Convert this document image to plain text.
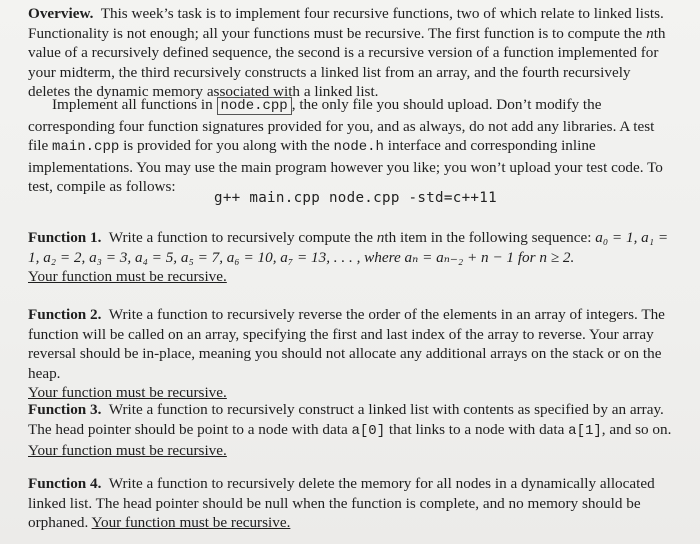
Overview. This week’s task is to implement four recursive functions, two of which relate to linked lists. Functionality is not enough; all your functions must be recursive. The first function is to compute the nth value of a recursively defined sequence, the second is a recursive version of a function implemented for your midterm, the third recursively constructs a linked list from an array, and the fourth recursively deletes the dynamic memory associated with a linked list.
Implement all functions in node.cpp , the only file you should upload. Don’t modify the corresponding four function signatures provided for you, and as always, do not add any libraries. A test file main.cpp is provided for you along with the node.h interface and corresponding inline implementations. You may use the main program however you like; you won’t upload your test code. To test, compile as follows:
g++ main.cpp node.cpp -std=c++11
Function 1. Write a function to recursively compute the nth item in the following sequence: a₀ = 1, a₁ = 1, a₂ = 2, a₃ = 3, a₄ = 5, a₅ = 7, a₆ = 10, a₇ = 13, . . . , where aₙ = aₙ₋₂ + n − 1 for n ≥ 2.
Your function must be recursive.
Function 2. Write a function to recursively reverse the order of the elements in an array of integers. The function will be called on an array, specifying the first and last index of the array to reverse. Your array reversal should be in-place, meaning you should not allocate any additional arrays on the stack or on the heap.
Your function must be recursive.
Function 3. Write a function to recursively construct a linked list with contents as specified by an array. The head pointer should be point to a node with data a[0] that links to a node with data a[1], and so on.
Your function must be recursive.
Function 4. Write a function to recursively delete the memory for all nodes in a dynamically allocated linked list. The head pointer should be null when the function is complete, and no memory should be orphaned. Your function must be recursive.
